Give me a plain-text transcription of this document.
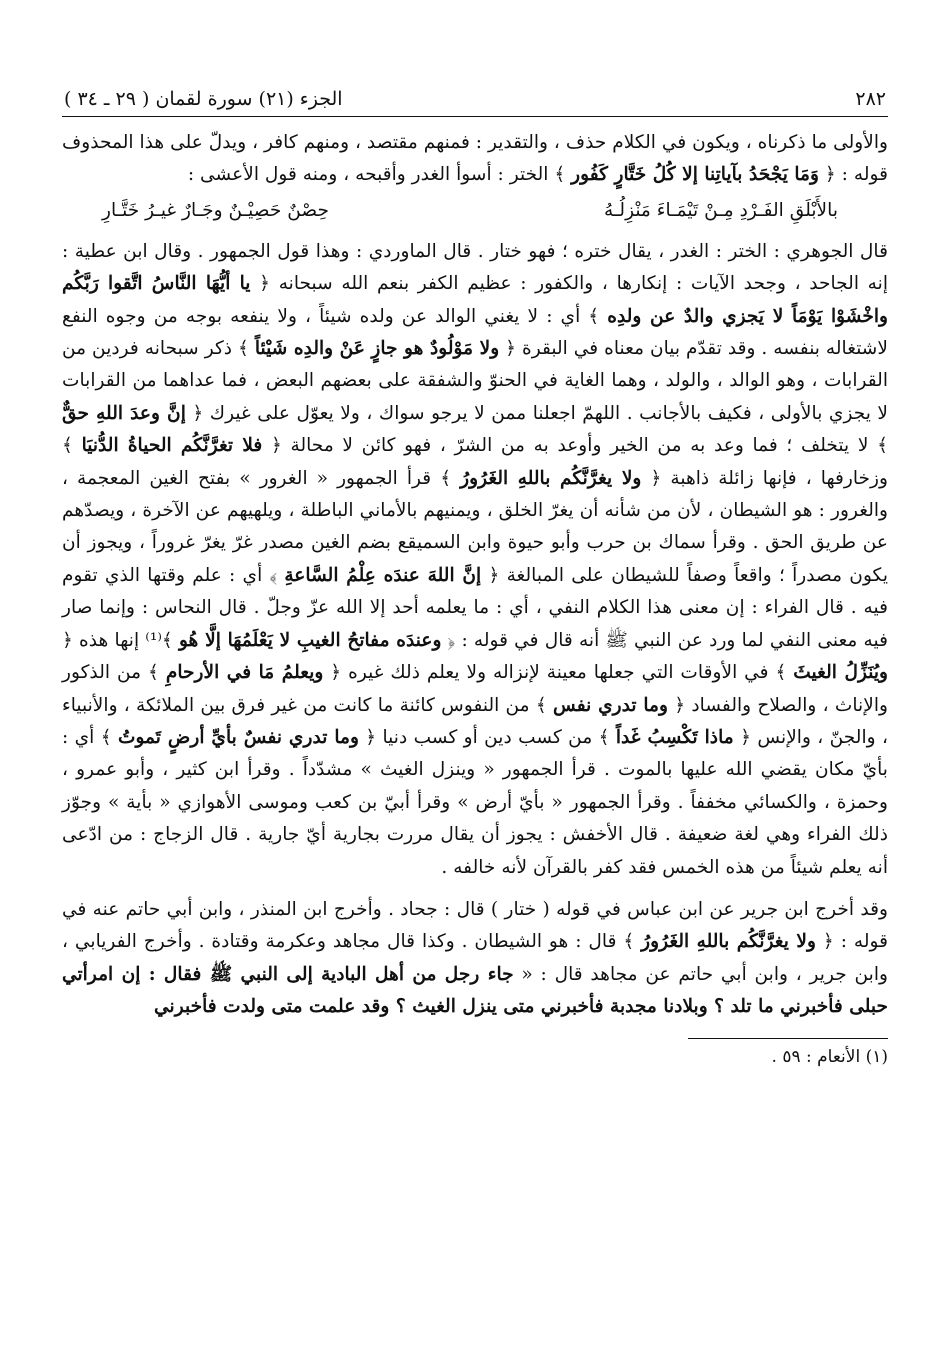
٢٨٢
الجزء (٢١) سورة لقمان ( ٢٩ ـ ٣٤ )

والأولى ما ذكرناه ، ويكون في الكلام حذف ، والتقدير : فمنهم مقتصد ، ومنهم كافر ، ويدلّ على هذا المحذوف قوله : ﴿ وَمَا يَجْحَدُ بآياتِنا إلا كُلُ خَتَّارٍ كَفُور ﴾ الختر : أسوأ الغدر وأقبحه ، ومنه قول الأعشى :

بالأَبْلَقِ الفَـرْدِ مِـنْ تَيْمَـاءَ مَنْزِلُـهُ
حِصْنٌ حَصِيْـنٌ وجَـارٌ غيـرُ خَتَّـارِ

قال الجوهري : الختر : الغدر ، يقال ختره ؛ فهو ختار . قال الماوردي : وهذا قول الجمهور . وقال ابن عطية : إنه الجاحد ، وجحد الآيات : إنكارها ، والكفور : عظيم الكفر بنعم الله سبحانه ﴿ يا أيُّهَا النَّاسُ اتَّقوا رَبَّكُم واخْشَوْا يَوْمَاً لا يَجزي والدٌ عن ولدِه ﴾ أي : لا يغني الوالد عن ولده شيئاً ، ولا ينفعه بوجه من وجوه النفع لاشتغاله بنفسه . وقد تقدّم بيان معناه في البقرة ﴿ ولا مَوْلُودٌ هو جازٍ عَنْ والدِه شَيْئاً ﴾ ذكر سبحانه فردين من القرابات ، وهو الوالد ، والولد ، وهما الغاية في الحنوّ والشفقة على بعضهم البعض ، فما عداهما من القرابات لا يجزي بالأولى ، فكيف بالأجانب . اللهمّ اجعلنا ممن لا يرجو سواك ، ولا يعوّل على غيرك ﴿ إنَّ وعدَ اللهِ حقٌّ ﴾ لا يتخلف ؛ فما وعد به من الخير وأوعد به من الشرّ ، فهو كائن لا محالة ﴿ فلا تغرَّنَّكُم الحياةُ الدُّنيَا ﴾ وزخارفها ، فإنها زائلة ذاهبة ﴿ ولا يغرَّنَّكُم باللهِ الغَرُورُ ﴾ قرأ الجمهور « الغرور » بفتح الغين المعجمة ، والغرور : هو الشيطان ، لأن من شأنه أن يغرّ الخلق ، ويمنيهم بالأماني الباطلة ، ويلهيهم عن الآخرة ، ويصدّهم عن طريق الحق . وقرأ سماك بن حرب وأبو حيوة وابن السميقع بضم الغين مصدر غرّ يغرّ غروراً ، ويجوز أن يكون مصدراً ؛ واقعاً وصفاً للشيطان على المبالغة ﴿ إنَّ اللهَ عندَه عِلْمُ السَّاعةِ ﴾ أي : علم وقتها الذي تقوم فيه . قال الفراء : إن معنى هذا الكلام النفي ، أي : ما يعلمه أحد إلا الله عزّ وجلّ . قال النحاس : وإنما صار فيه معنى النفي لما ورد عن النبي ﷺ أنه قال في قوله : ﴿ وعندَه مفاتحُ الغيبِ لا يَعْلَمُهَا إلَّا هُو ﴾⁽¹⁾ إنها هذه ﴿ ويُنَزِّلُ الغيثَ ﴾ في الأوقات التي جعلها معينة لإنزاله ولا يعلم ذلك غيره ﴿ ويعلمُ مَا في الأرحامِ ﴾ من الذكور والإناث ، والصلاح والفساد ﴿ وما تدري نفس ﴾ من النفوس كائنة ما كانت من غير فرق بين الملائكة ، والأنبياء ، والجنّ ، والإنس ﴿ ماذا تَكْسِبُ غَداً ﴾ من كسب دين أو كسب دنيا ﴿ وما تدري نفسٌ بأيِّ أرضٍ تَموتُ ﴾ أي : بأيّ مكان يقضي الله عليها بالموت . قرأ الجمهور « وينزل الغيث » مشدّداً . وقرأ ابن كثير ، وأبو عمرو ، وحمزة ، والكسائي مخففاً . وقرأ الجمهور « بأيّ أرض » وقرأ أبيّ بن كعب وموسى الأهوازي « بأية » وجوّز ذلك الفراء وهي لغة ضعيفة . قال الأخفش : يجوز أن يقال مررت بجارية أيّ جارية . قال الزجاج : من ادّعى أنه يعلم شيئاً من هذه الخمس فقد كفر بالقرآن لأنه خالفه .

وقد أخرج ابن جرير عن ابن عباس في قوله ( ختار ) قال : جحاد . وأخرج ابن المنذر ، وابن أبي حاتم عنه في قوله : ﴿ ولا يغرَّنَّكُم باللهِ الغَرُورُ ﴾ قال : هو الشيطان . وكذا قال مجاهد وعكرمة وقتادة . وأخرج الفريابي ، وابن جرير ، وابن أبي حاتم عن مجاهد قال : « جاء رجل من أهل البادية إلى النبي ﷺ فقال : إن امرأتي حبلى فأخبرني ما تلد ؟ وبلادنا مجدبة فأخبرني متى ينزل الغيث ؟ وقد علمت متى ولدت فأخبرني

(١) الأنعام : ٥٩ .
